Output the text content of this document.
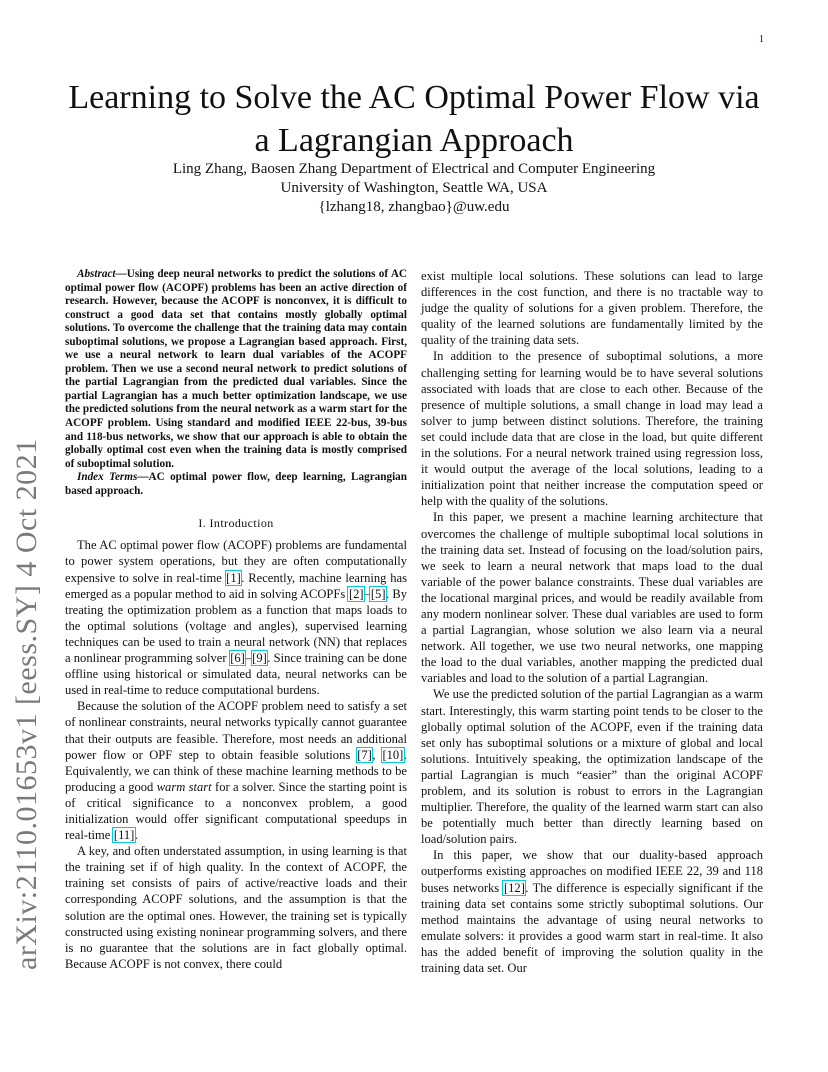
1
arXiv:2110.01653v1 [eess.SY] 4 Oct 2021
Learning to Solve the AC Optimal Power Flow via a Lagrangian Approach
Ling Zhang, Baosen Zhang Department of Electrical and Computer Engineering
University of Washington, Seattle WA, USA
{lzhang18, zhangbao}@uw.edu

Abstract—Using deep neural networks to predict the solutions of AC optimal power flow (ACOPF) problems has been an active direction of research. However, because the ACOPF is nonconvex, it is difficult to construct a good data set that contains mostly globally optimal solutions. To overcome the challenge that the training data may contain suboptimal solutions, we propose a Lagrangian based approach. First, we use a neural network to learn dual variables of the ACOPF problem. Then we use a second neural network to predict solutions of the partial Lagrangian from the predicted dual variables. Since the partial Lagrangian has a much better optimization landscape, we use the predicted solutions from the neural network as a warm start for the ACOPF problem. Using standard and modified IEEE 22-bus, 39-bus and 118-bus networks, we show that our approach is able to obtain the globally optimal cost even when the training data is mostly comprised of suboptimal solution.

Index Terms—AC optimal power flow, deep learning, Lagrangian based approach.

I. Introduction

The AC optimal power flow (ACOPF) problems are fundamental to power system operations, but they are often computationally expensive to solve in real-time [1]. Recently, machine learning has emerged as a popular method to aid in solving ACOPFs [2]–[5]. By treating the optimization problem as a function that maps loads to the optimal solutions (voltage and angles), supervised learning techniques can be used to train a neural network (NN) that replaces a nonlinear programming solver [6]–[9]. Since training can be done offline using historical or simulated data, neural networks can be used in real-time to reduce computational burdens.

Because the solution of the ACOPF problem need to satisfy a set of nonlinear constraints, neural networks typically cannot guarantee that their outputs are feasible. Therefore, most needs an additional power flow or OPF step to obtain feasible solutions [7], [10]. Equivalently, we can think of these machine learning methods to be producing a good warm start for a solver. Since the starting point is of critical significance to a nonconvex problem, a good initialization would offer significant computational speedups in real-time [11].

A key, and often understated assumption, in using learning is that the training set if of high quality. In the context of ACOPF, the training set consists of pairs of active/reactive loads and their corresponding ACOPF solutions, and the assumption is that the solution are the optimal ones. However, the training set is typically constructed using existing noninear programming solvers, and there is no guarantee that the solutions are in fact globally optimal. Because ACOPF is not convex, there could

exist multiple local solutions. These solutions can lead to large differences in the cost function, and there is no tractable way to judge the quality of solutions for a given problem. Therefore, the quality of the learned solutions are fundamentally limited by the quality of the training data sets.

In addition to the presence of suboptimal solutions, a more challenging setting for learning would be to have several solutions associated with loads that are close to each other. Because of the presence of multiple solutions, a small change in load may lead a solver to jump between distinct solutions. Therefore, the training set could include data that are close in the load, but quite different in the solutions. For a neural network trained using regression loss, it would output the average of the local solutions, leading to a initialization point that neither increase the computation speed or help with the quality of the solutions.

In this paper, we present a machine learning architecture that overcomes the challenge of multiple suboptimal local solutions in the training data set. Instead of focusing on the load/solution pairs, we seek to learn a neural network that maps load to the dual variable of the power balance constraints. These dual variables are the locational marginal prices, and would be readily available from any modern nonlinear solver. These dual variables are used to form a partial Lagrangian, whose solution we also learn via a neural network. All together, we use two neural networks, one mapping the load to the dual variables, another mapping the predicted dual variables and load to the solution of a partial Lagrangian.

We use the predicted solution of the partial Lagrangian as a warm start. Interestingly, this warm starting point tends to be closer to the globally optimal solution of the ACOPF, even if the training data set only has suboptimal solutions or a mixture of global and local solutions. Intuitively speaking, the optimization landscape of the partial Lagrangian is much “easier” than the original ACOPF problem, and its solution is robust to errors in the Lagrangian multiplier. Therefore, the quality of the learned warm start can also be potentially much better than directly learning based on load/solution pairs.

In this paper, we show that our duality-based approach outperforms existing approaches on modified IEEE 22, 39 and 118 buses networks [12]. The difference is especially significant if the training data set contains some strictly suboptimal solutions. Our method maintains the advantage of using neural networks to emulate solvers: it provides a good warm start in real-time. It also has the added benefit of improving the solution quality in the training data set. Our
